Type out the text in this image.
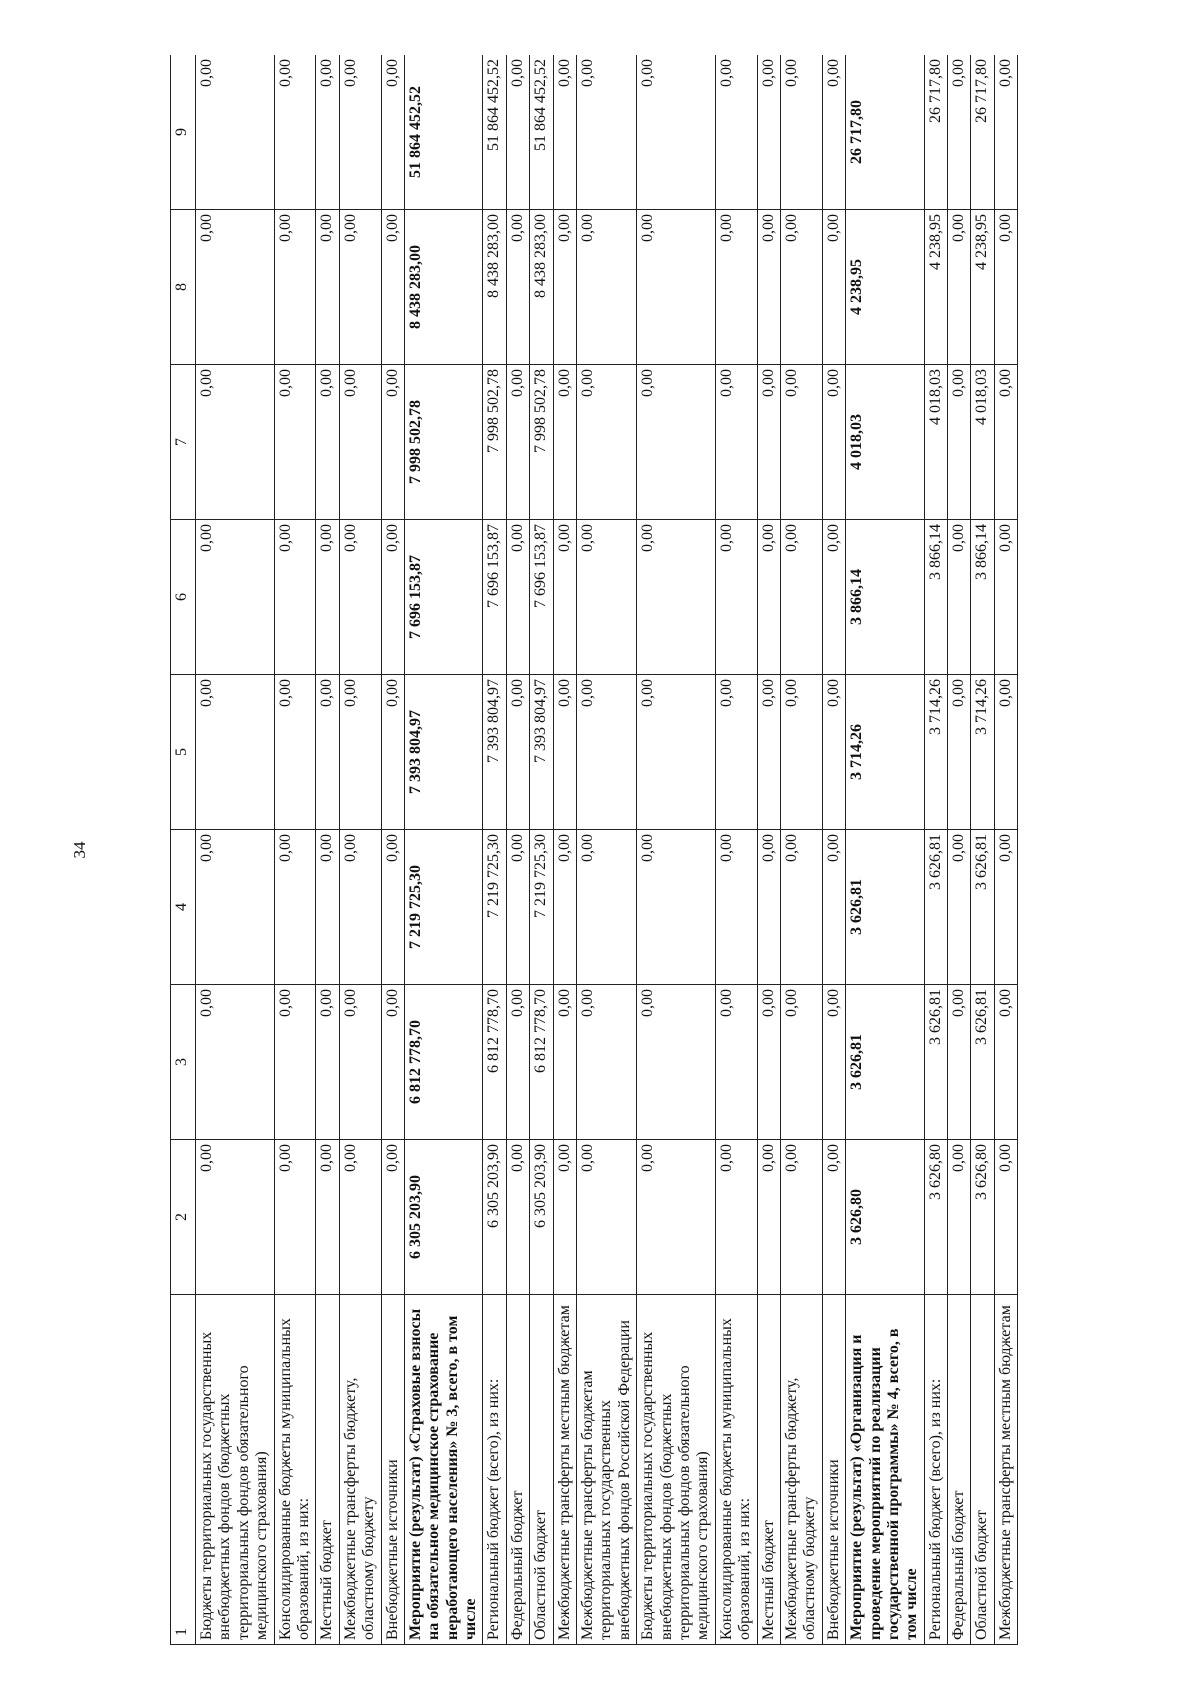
34
1	2	3	4	5	6	7	8	9
Бюджеты территориальных государственных внебюджетных фондов (бюджетных территориальных фондов обязательного медицинского страхования)	0,00	0,00	0,00	0,00	0,00	0,00	0,00	0,00
Консолидированные бюджеты муниципальных образований, из них:	0,00	0,00	0,00	0,00	0,00	0,00	0,00	0,00
Местный бюджет	0,00	0,00	0,00	0,00	0,00	0,00	0,00	0,00
Межбюджетные трансферты бюджету, областному бюджету	0,00	0,00	0,00	0,00	0,00	0,00	0,00	0,00
Внебюджетные источники	0,00	0,00	0,00	0,00	0,00	0,00	0,00	0,00
Мероприятие (результат) «Страховые взносы на обязательное медицинское страхование неработающего населения» № 3, всего, в том числе	6 305 203,90	6 812 778,70	7 219 725,30	7 393 804,97	7 696 153,87	7 998 502,78	8 438 283,00	51 864 452,52
Региональный бюджет (всего), из них:	6 305 203,90	6 812 778,70	7 219 725,30	7 393 804,97	7 696 153,87	7 998 502,78	8 438 283,00	51 864 452,52
Федеральный бюджет	0,00	0,00	0,00	0,00	0,00	0,00	0,00	0,00
Областной бюджет	6 305 203,90	6 812 778,70	7 219 725,30	7 393 804,97	7 696 153,87	7 998 502,78	8 438 283,00	51 864 452,52
Межбюджетные трансферты местным бюджетам	0,00	0,00	0,00	0,00	0,00	0,00	0,00	0,00
Межбюджетные трансферты бюджетам территориальных государственных внебюджетных фондов Российской Федерации	0,00	0,00	0,00	0,00	0,00	0,00	0,00	0,00
Бюджеты территориальных государственных внебюджетных фондов (бюджетных территориальных фондов обязательного медицинского страхования)	0,00	0,00	0,00	0,00	0,00	0,00	0,00	0,00
Консолидированные бюджеты муниципальных образований, из них:	0,00	0,00	0,00	0,00	0,00	0,00	0,00	0,00
Местный бюджет	0,00	0,00	0,00	0,00	0,00	0,00	0,00	0,00
Межбюджетные трансферты бюджету, областному бюджету	0,00	0,00	0,00	0,00	0,00	0,00	0,00	0,00
Внебюджетные источники	0,00	0,00	0,00	0,00	0,00	0,00	0,00	0,00
Мероприятие (результат) «Организация и проведение мероприятий по реализации государственной программы» № 4, всего, в том числе	3 626,80	3 626,81	3 626,81	3 714,26	3 866,14	4 018,03	4 238,95	26 717,80
Региональный бюджет (всего), из них:	3 626,80	3 626,81	3 626,81	3 714,26	3 866,14	4 018,03	4 238,95	26 717,80
Федеральный бюджет	0,00	0,00	0,00	0,00	0,00	0,00	0,00	0,00
Областной бюджет	3 626,80	3 626,81	3 626,81	3 714,26	3 866,14	4 018,03	4 238,95	26 717,80
Межбюджетные трансферты местным бюджетам	0,00	0,00	0,00	0,00	0,00	0,00	0,00	0,00
